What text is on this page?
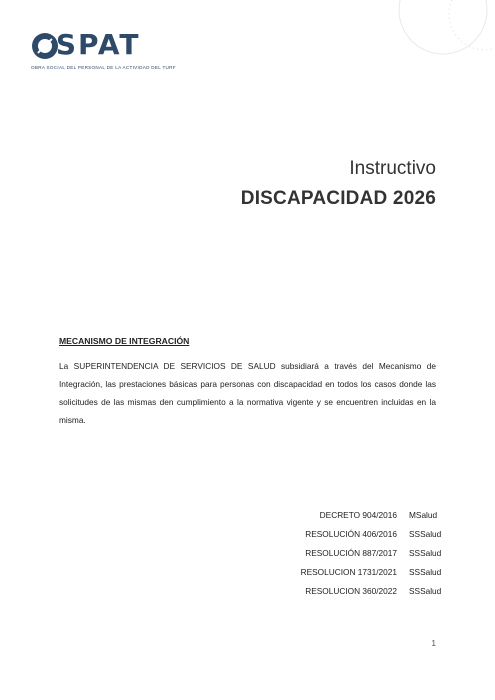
SPAT
OBRA SOCIAL DEL PERSONAL DE LA ACTIVIDAD DEL TURF
Instructivo
DISCAPACIDAD 2026
MECANISMO DE INTEGRACIÓN
La SUPERINTENDENCIA DE SERVICIOS DE SALUD subsidiará a través del Mecanismo de Integración, las prestaciones básicas para personas con discapacidad en todos los casos donde las solicitudes de las mismas den cumplimiento a la normativa vigente y se encuentren incluidas en la misma.
DECRETO 904/2016 MSalud
RESOLUCIÓN 406/2016 SSSalud
RESOLUCIÓN 887/2017 SSSalud
RESOLUCION 1731/2021 SSSalud
RESOLUCION 360/2022 SSSalud
1
